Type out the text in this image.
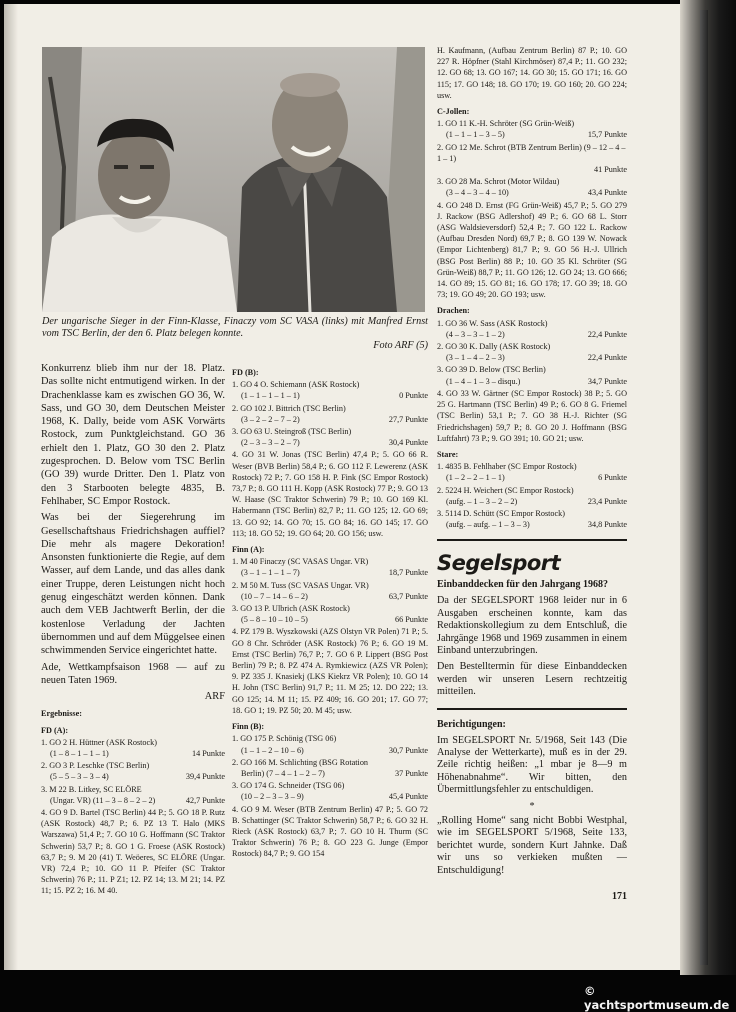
Der ungarische Sieger in der Finn-Klasse, Finaczy vom SC VASA (links) mit Manfred Ernst vom TSC Berlin, der den 6. Platz belegen konnte.
Foto ARF (5)

Konkurrenz blieb ihm nur der 18. Platz. Das sollte nicht entmutigend wirken. In der Drachenklasse kam es zwischen GO 36, W. Sass, und GO 30, dem Deutschen Meister 1968, K. Dally, beide vom ASK Vorwärts Rostock, zum Punktgleichstand. GO 36 erhielt den 1. Platz, GO 30 den 2. Platz zugesprochen. D. Below vom TSC Berlin (GO 39) wurde Dritter. Den 1. Platz von den 3 Starbooten belegte 4835, B. Fehlhaber, SC Empor Rostock.

Was bei der Siegerehrung im Gesellschaftshaus Friedrichshagen auffiel? Die mehr als magere Dekoration! Ansonsten funktionierte die Regie, auf dem Wasser, auf dem Lande, und das alles dank einer Truppe, deren Leistungen nicht hoch genug eingeschätzt werden können. Dank auch dem VEB Jachtwerft Berlin, der die kostenlose Verladung der Jachten übernommen und auf dem Müggelsee einen schwimmenden Service eingerichtet hatte.

Ade, Wettkampfsaison 1968 — auf zu neuen Taten 1969.

ARF
Ergebnisse:
FD (A):
1. GO 2 H. Hüttner (ASK Rostock)
(1 – 8 – 1 – 1 – 1)	14 Punkte
2. GO 3 P. Leschke (TSC Berlin)
(5 – 5 – 3 – 3 – 4)	39,4 Punkte
3. M 22 B. Litkey, SC ELÖRE
(Ungar. VR) (11 – 3 – 8 – 2 – 2)	42,7 Punkte
4. GO 9 D. Bartel (TSC Berlin) 44 P.; 5. GO 18 P. Rutz (ASK Rostock) 48,7 P.; 6. PZ 13 T. Halo (MKS Warszawa) 51,4 P.; 7. GO 10 G. Hoffmann (SC Traktor Schwerin) 53,7 P.; 8. GO 1 G. Froese (ASK Rostock) 63,7 P.; 9. M 20 (41) T. Weöeres, SC ELÖRE (Ungar. VR) 72,4 P.; 10. GO 11 P. Pfeifer (SC Traktor Schwerin) 76 P.; 11. P Z1; 12. PZ 14; 13. M 21; 14. PZ 11; 15. PZ 2; 16. M 40.
FD (B):
1. GO 4 O. Schiemann (ASK Rostock)
(1 – 1 – 1 – 1 – 1)	0 Punkte
2. GO 102 J. Bittrich (TSC Berlin)
(3 – 2 – 2 – 7 – 2)	27,7 Punkte
3. GO 63 U. Steingroß (TSC Berlin)
(2 – 3 – 3 – 2 – 7)	30,4 Punkte
4. GO 31 W. Jonas (TSC Berlin) 47,4 P.; 5. GO 66 R. Weser (BVB Berlin) 58,4 P.; 6. GO 112 F. Lewerenz (ASK Rostock) 72 P.; 7. GO 158 H. P. Fink (SC Empor Rostock) 73,7 P.; 8. GO 111 H. Kopp (ASK Rostock) 77 P.; 9. GO 13 W. Haase (SC Traktor Schwerin) 79 P.; 10. GO 169 Kl. Habermann (TSC Berlin) 82,7 P.; 11. GO 125; 12. GO 69; 13. GO 92; 14. GO 70; 15. GO 84; 16. GO 145; 17. GO 113; 18. GO 52; 19. GO 64; 20. GO 156; usw.
Finn (A):
1. M 40 Finaczy (SC VASAS Ungar. VR)
(3 – 1 – 1 – 1 – 7)	18,7 Punkte
2. M 50 M. Tuss (SC VASAS Ungar. VR)
(10 – 7 – 14 – 6 – 2)	63,7 Punkte
3. GO 13 P. Ulbrich (ASK Rostock)
(5 – 8 – 10 – 10 – 5)	66 Punkte
4. PZ 179 B. Wyszkowski (AZS Olstyn VR Polen) 71 P.; 5. GO 8 Chr. Schröder (ASK Rostock) 76 P.; 6. GO 19 M. Ernst (TSC Berlin) 76,7 P.; 7. GO 6 P. Lippert (BSG Post Berlin) 79 P.; 8. PZ 474 A. Rymkiewicz (AZS VR Polen); 9. PZ 335 J. Knasiekj (LKS Kiekrz VR Polen); 10. GO 14 H. John (TSC Berlin) 91,7 P.; 11. M 25; 12. DO 222; 13. GO 125; 14. M 11; 15. PZ 409; 16. GO 201; 17. GO 77; 18. GO 1; 19. PZ 50; 20. M 45; usw.
Finn (B):
1. GO 175 P. Schönig (TSG 06)
(1 – 1 – 2 – 10 – 6)	30,7 Punkte
2. GO 166 M. Schlichting (BSG Rotation
Berlin) (7 – 4 – 1 – 2 – 7)	37 Punkte
3. GO 174 G. Schneider (TSG 06)
(10 – 2 – 3 – 3 – 9)	45,4 Punkte
4. GO 9 M. Weser (BTB Zentrum Berlin) 47 P.; 5. GO 72 B. Schattinger (SC Traktor Schwerin) 58,7 P.; 6. GO 32 H. Rieck (ASK Rostock) 63,7 P.; 7. GO 10 H. Thurm (SC Traktor Schwerin) 76 P.; 8. GO 223 G. Junge (Empor Rostock) 84,7 P.; 9. GO 154
H. Kaufmann, (Aufbau Zentrum Berlin) 87 P.; 10. GO 227 R. Höpfner (Stahl Kirchmöser) 87,4 P.; 11. GO 232; 12. GO 68; 13. GO 167; 14. GO 30; 15. GO 171; 16. GO 115; 17. GO 148; 18. GO 170; 19. GO 160; 20. GO 224; usw.
C-Jollen:
1. GO 11 K.-H. Schröter (SG Grün-Weiß)
(1 – 1 – 1 – 3 – 5)	15,7 Punkte
2. GO 12 Me. Schrot (BTB Zentrum Berlin) (9 – 12 – 4 – 1 – 1)
41 Punkte
3. GO 28 Ma. Schrot (Motor Wildau)
(3 – 4 – 3 – 4 – 10)	43,4 Punkte
4. GO 248 D. Ernst (FG Grün-Weiß) 45,7 P.; 5. GO 279 J. Rackow (BSG Adlershof) 49 P.; 6. GO 68 L. Storr (ASG Waldsieversdorf) 52,4 P.; 7. GO 122 L. Rackow (Aufbau Dresden Nord) 69,7 P.; 8. GO 139 W. Nowack (Empor Lichtenberg) 81,7 P.; 9. GO 56 H.-J. Ullrich (BSG Post Berlin) 88 P.; 10. GO 35 Kl. Schröter (SG Grün-Weiß) 88,7 P.; 11. GO 126; 12. GO 24; 13. GO 666; 14. GO 89; 15. GO 81; 16. GO 178; 17. GO 39; 18. GO 73; 19. GO 49; 20. GO 193; usw.
Drachen:
1. GO 36 W. Sass (ASK Rostock)
(4 – 3 – 3 – 1 – 2)	22,4 Punkte
2. GO 30 K. Dally (ASK Rostock)
(3 – 1 – 4 – 2 – 3)	22,4 Punkte
3. GO 39 D. Below (TSC Berlin)
(1 – 4 – 1 – 3 – disqu.)	34,7 Punkte
4. GO 33 W. Gärtner (SC Empor Rostock) 38 P.; 5. GO 25 G. Hartmann (TSC Berlin) 49 P.; 6. GO 8 G. Friemel (TSC Berlin) 53,1 P.; 7. GO 38 H.-J. Richter (SG Friedrichshagen) 59,7 P.; 8. GO 20 J. Hoffmann (BSG Luftfahrt) 73 P.; 9. GO 391; 10. GO 21; usw.
Stare:
1. 4835 B. Fehlhaber (SC Empor Rostock)
(1 – 2 – 2 – 1 – 1)	6 Punkte
2. 5224 H. Weichert (SC Empor Rostock)
(aufg. – 1 – 3 – 2 – 2)	23,4 Punkte
3. 5114 D. Schütt (SC Empor Rostock)
(aufg. – aufg. – 1 – 3 – 3)	34,8 Punkte
Segelsport
Einbanddecken für den Jahrgang 1968?

Da der SEGELSPORT 1968 leider nur in 6 Ausgaben erscheinen konnte, kam das Redaktionskollegium zu dem Entschluß, die Jahrgänge 1968 und 1969 zusammen in einem Einband unterzubringen.

Den Bestelltermin für diese Einbanddecken werden wir unseren Lesern rechtzeitig mitteilen.

Berichtigungen:

Im SEGELSPORT Nr. 5/1968, Seit 143 (Die Analyse der Wetterkarte), muß es in der 29. Zeile richtig heißen: „1 mbar je 8—9 m Höhenabnahme“. Wir bitten, den Übermittlungsfehler zu entschuldigen.

*

„Rolling Home“ sang nicht Bobbi Westphal, wie im SEGELSPORT 5/1968, Seite 133, berichtet wurde, sondern Kurt Jahnke. Daß wir uns so verkieken mußten — Entschuldigung!

171
© yachtsportmuseum.de
